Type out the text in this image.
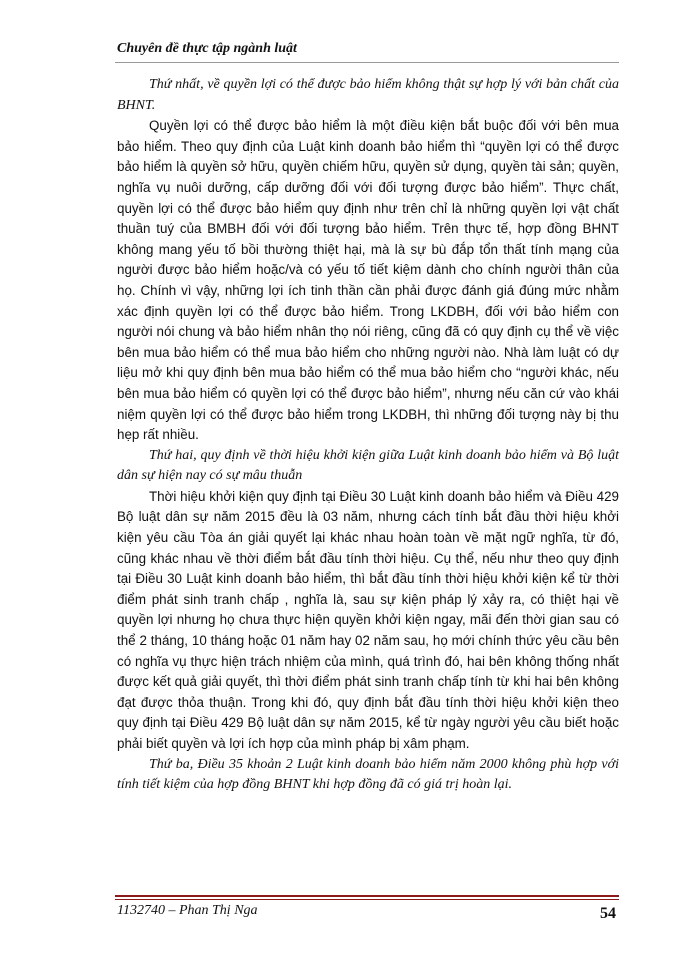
Chuyên đề thực tập ngành luật

Thứ nhất, về quyền lợi có thể được bảo hiểm không thật sự hợp lý với bản chất của BHNT.

Quyền lợi có thể được bảo hiểm là một điều kiện bắt buộc đối với bên mua bảo hiểm. Theo quy định của Luật kinh doanh bảo hiểm thì “quyền lợi có thể được bảo hiểm là quyền sở hữu, quyền chiếm hữu, quyền sử dụng, quyền tài sản; quyền, nghĩa vụ nuôi dưỡng, cấp dưỡng đối với đối tượng được bảo hiểm”. Thực chất, quyền lợi có thể được bảo hiểm quy định như trên chỉ là những quyền lợi vật chất thuần tuý của BMBH đối với đối tượng bảo hiểm. Trên thực tế, hợp đồng BHNT không mang yếu tố bồi thường thiệt hại, mà là sự bù đắp tổn thất tính mạng của người được bảo hiểm hoặc/và có yếu tố tiết kiệm dành cho chính người thân của họ. Chính vì vậy, những lợi ích tinh thần cần phải được đánh giá đúng mức nhằm xác định quyền lợi có thể được bảo hiểm. Trong LKDBH, đối với bảo hiểm con người nói chung và bảo hiểm nhân thọ nói riêng, cũng đã có quy định cụ thể về việc bên mua bảo hiểm có thể mua bảo hiểm cho những người nào. Nhà làm luật có dự liệu mở khi quy định bên mua bảo hiểm có thể mua bảo hiểm cho “người khác, nếu bên mua bảo hiểm có quyền lợi có thể được bảo hiểm”, nhưng nếu căn cứ vào khái niệm quyền lợi có thể được bảo hiểm trong LKDBH, thì những đối tượng này bị thu hẹp rất nhiều.

Thứ hai, quy định về thời hiệu khởi kiện giữa Luật kinh doanh bảo hiểm và Bộ luật dân sự hiện nay có sự mâu thuẫn

Thời hiệu khởi kiện quy định tại Điều 30 Luật kinh doanh bảo hiểm và Điều 429 Bộ luật dân sự năm 2015 đều là 03 năm, nhưng cách tính bắt đầu thời hiệu khởi kiện yêu cầu Tòa án giải quyết lại khác nhau hoàn toàn về mặt ngữ nghĩa, từ đó, cũng khác nhau về thời điểm bắt đầu tính thời hiệu. Cụ thể, nếu như theo quy định tại Điều 30 Luật kinh doanh bảo hiểm, thì bắt đầu tính thời hiệu khởi kiện kể từ thời điểm phát sinh tranh chấp , nghĩa là, sau sự kiện pháp lý xảy ra, có thiệt hại về quyền lợi nhưng họ chưa thực hiện quyền khởi kiện ngay, mãi đến thời gian sau có thể 2 tháng, 10 tháng hoặc 01 năm hay 02 năm sau, họ mới chính thức yêu cầu bên có nghĩa vụ thực hiện trách nhiệm của mình, quá trình đó, hai bên không thống nhất được kết quả giải quyết, thì thời điểm phát sinh tranh chấp tính từ khi hai bên không đạt được thỏa thuận. Trong khi đó, quy định bắt đầu tính thời hiệu khởi kiện theo quy định tại Điều 429 Bộ luật dân sự năm 2015, kể từ ngày người yêu cầu biết hoặc phải biết quyền và lợi ích hợp của mình pháp bị xâm phạm.

Thứ ba, Điều 35 khoản 2 Luật kinh doanh bảo hiểm năm 2000 không phù hợp với tính tiết kiệm của hợp đồng BHNT khi hợp đồng đã có giá trị hoàn lại.

1132740 – Phan Thị Nga	54
